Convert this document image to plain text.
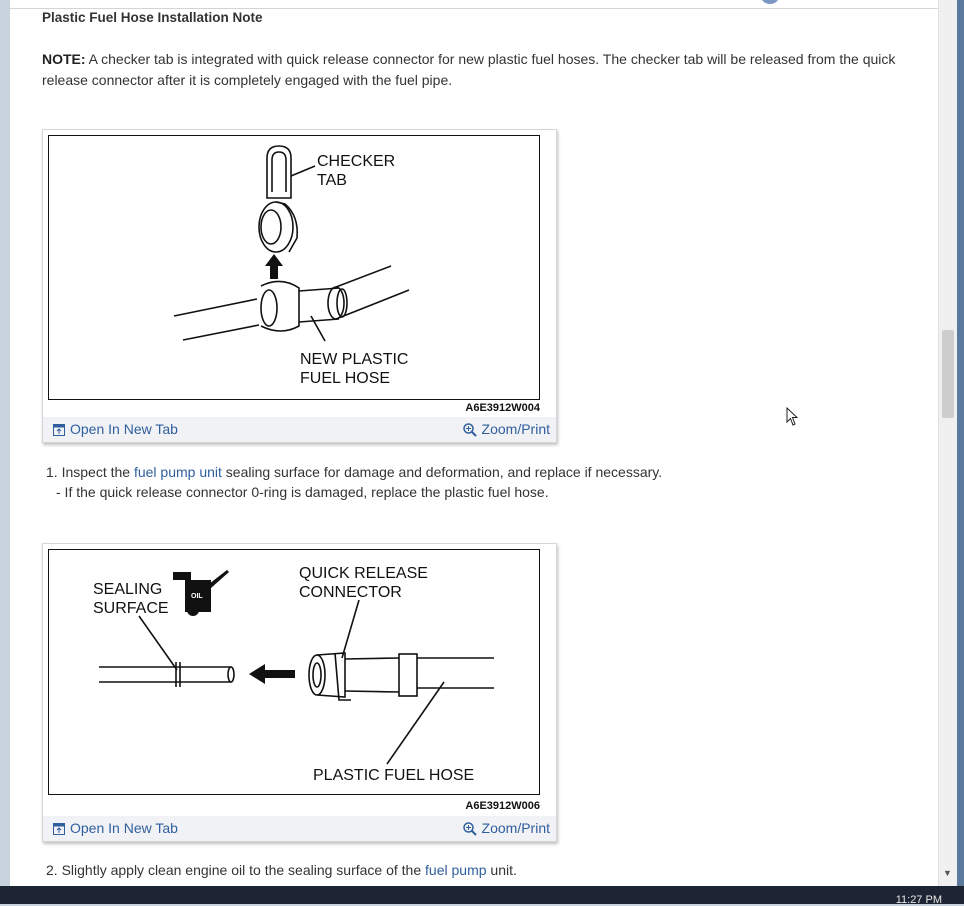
Plastic Fuel Hose Installation Note
NOTE: A checker tab is integrated with quick release connector for new plastic fuel hoses. The checker tab will be released from the quick release connector after it is completely engaged with the fuel pipe.
CHECKER
TAB
NEW PLASTIC
FUEL HOSE
A6E3912W004
Open In New Tab	Zoom/Print
1. Inspect the fuel pump unit sealing surface for damage and deformation, and replace if necessary.
- If the quick release connector 0-ring is damaged, replace the plastic fuel hose.
OIL
SEALING
SURFACE
QUICK RELEASE
CONNECTOR
PLASTIC FUEL HOSE
A6E3912W006
Open In New Tab	Zoom/Print
2. Slightly apply clean engine oil to the sealing surface of the fuel pump unit.	▼
11:27 PM
